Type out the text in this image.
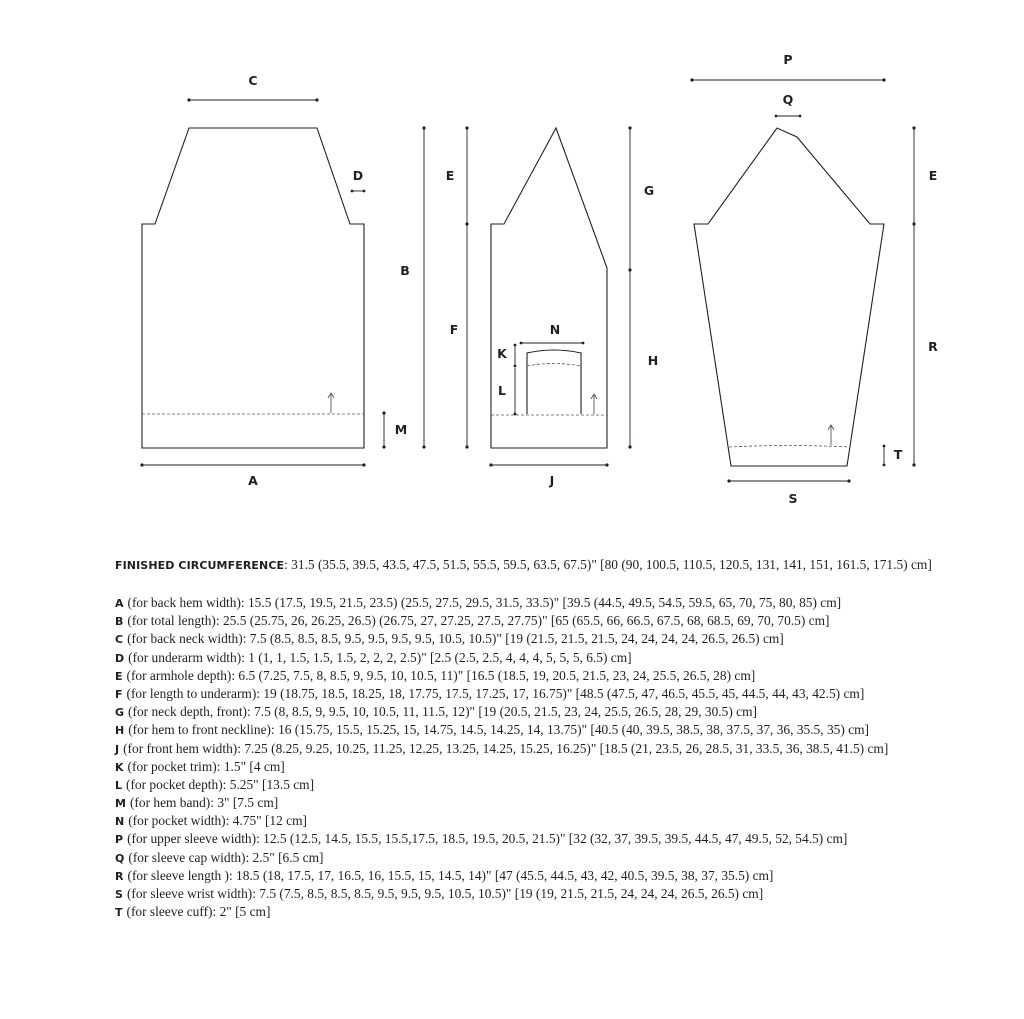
C
D
M
B
A
N
K
L
E
F
G
H
J
P
Q
E
R
T
S
FINISHED CIRCUMFERENCE: 31.5 (35.5, 39.5, 43.5, 47.5, 51.5, 55.5, 59.5, 63.5, 67.5)" [80 (90, 100.5, 110.5, 120.5, 131, 141, 151, 161.5, 171.5) cm]
A (for back hem width): 15.5 (17.5, 19.5, 21.5, 23.5) (25.5, 27.5, 29.5, 31.5, 33.5)" [39.5 (44.5, 49.5, 54.5, 59.5, 65, 70, 75, 80, 85) cm]
B (for total length): 25.5 (25.75, 26, 26.25, 26.5) (26.75, 27, 27.25, 27.5, 27.75)" [65 (65.5, 66, 66.5, 67.5, 68, 68.5, 69, 70, 70.5) cm]
C (for back neck width): 7.5 (8.5, 8.5, 8.5, 9.5, 9.5, 9.5, 9.5, 10.5, 10.5)" [19 (21.5, 21.5, 21.5, 24, 24, 24, 24, 26.5, 26.5) cm]
D (for underarm width): 1 (1, 1, 1.5, 1.5, 1.5, 2, 2, 2, 2.5)" [2.5 (2.5, 2.5, 4, 4, 4, 5, 5, 5, 6.5) cm]
E (for armhole depth): 6.5 (7.25, 7.5, 8, 8.5, 9, 9.5, 10, 10.5, 11)" [16.5 (18.5, 19, 20.5, 21.5, 23, 24, 25.5, 26.5, 28) cm]
F (for length to underarm): 19 (18.75, 18.5, 18.25, 18, 17.75, 17.5, 17.25, 17, 16.75)" [48.5 (47.5, 47, 46.5, 45.5, 45, 44.5, 44, 43, 42.5) cm]
G (for neck depth, front): 7.5 (8, 8.5, 9, 9.5, 10, 10.5, 11, 11.5, 12)" [19 (20.5, 21.5, 23, 24, 25.5, 26.5, 28, 29, 30.5) cm]
H (for hem to front neckline): 16 (15.75, 15.5, 15.25, 15, 14.75, 14.5, 14.25, 14, 13.75)" [40.5 (40, 39.5, 38.5, 38, 37.5, 37, 36, 35.5, 35) cm]
J (for front hem width): 7.25 (8.25, 9.25, 10.25, 11.25, 12.25, 13.25, 14.25, 15.25, 16.25)" [18.5 (21, 23.5, 26, 28.5, 31, 33.5, 36, 38.5, 41.5) cm]
K (for pocket trim): 1.5" [4 cm]
L (for pocket depth): 5.25" [13.5 cm]
M (for hem band): 3" [7.5 cm]
N (for pocket width): 4.75" [12 cm]
P (for upper sleeve width): 12.5 (12.5, 14.5, 15.5, 15.5,17.5, 18.5, 19.5, 20.5, 21.5)" [32 (32, 37, 39.5, 39.5, 44.5, 47, 49.5, 52, 54.5) cm]
Q (for sleeve cap width): 2.5" [6.5 cm]
R (for sleeve length ): 18.5 (18, 17.5, 17, 16.5, 16, 15.5, 15, 14.5, 14)" [47 (45.5, 44.5, 43, 42, 40.5, 39.5, 38, 37, 35.5) cm]
S (for sleeve wrist width): 7.5 (7.5, 8.5, 8.5, 8.5, 9.5, 9.5, 9.5, 10.5, 10.5)" [19 (19, 21.5, 21.5, 24, 24, 24, 26.5, 26.5) cm]
T (for sleeve cuff): 2" [5 cm]
